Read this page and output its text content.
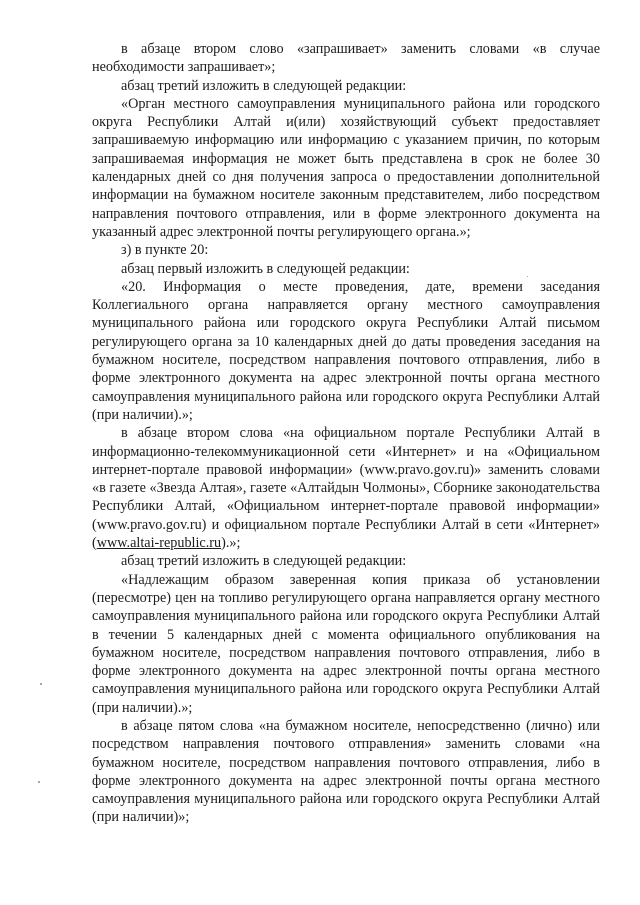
в абзаце втором слово «запрашивает» заменить словами «в случае необходимости запрашивает»;

абзац третий изложить в следующей редакции:

«Орган местного самоуправления муниципального района или городского округа Республики Алтай и(или) хозяйствующий субъект предоставляет запрашиваемую информацию или информацию с указанием причин, по которым запрашиваемая информация не может быть представлена в срок не более 30 календарных дней со дня получения запроса о предоставлении дополнительной информации на бумажном носителе законным представителем, либо посредством направления почтового отправления, или в форме электронного документа на указанный адрес электронной почты регулирующего органа.»;

з) в пункте 20:

абзац первый изложить в следующей редакции:

«20. Информация о месте проведения, дате, времени заседания Коллегиального органа направляется органу местного самоуправления муниципального района или городского округа Республики Алтай письмом регулирующего органа за 10 календарных дней до даты проведения заседания на бумажном носителе, посредством направления почтового отправления, либо в форме электронного документа на адрес электронной почты органа местного самоуправления муниципального района или городского округа Республики Алтай (при наличии).»;

в абзаце втором слова «на официальном портале Республики Алтай в информационно-телекоммуникационной сети «Интернет» и на «Официальном интернет-портале правовой информации» (www.pravo.gov.ru)» заменить словами «в газете «Звезда Алтая», газете «Алтайдын Чолмоны», Сборнике законодательства Республики Алтай, «Официальном интернет-портале правовой информации» (www.pravo.gov.ru) и официальном портале Республики Алтай в сети «Интернет» (www.altai-republic.ru).»;

абзац третий изложить в следующей редакции:

«Надлежащим образом заверенная копия приказа об установлении (пересмотре) цен на топливо регулирующего органа направляется органу местного самоуправления муниципального района или городского округа Республики Алтай в течении 5 календарных дней с момента официального опубликования на бумажном носителе, посредством направления почтового отправления, либо в форме электронного документа на адрес электронной почты органа местного самоуправления муниципального района или городского округа Республики Алтай (при наличии).»;

в абзаце пятом слова «на бумажном носителе, непосредственно (лично) или посредством направления почтового отправления» заменить словами «на бумажном носителе, посредством направления почтового отправления, либо в форме электронного документа на адрес электронной почты органа местного самоуправления муниципального района или городского округа Республики Алтай (при наличии)»;
